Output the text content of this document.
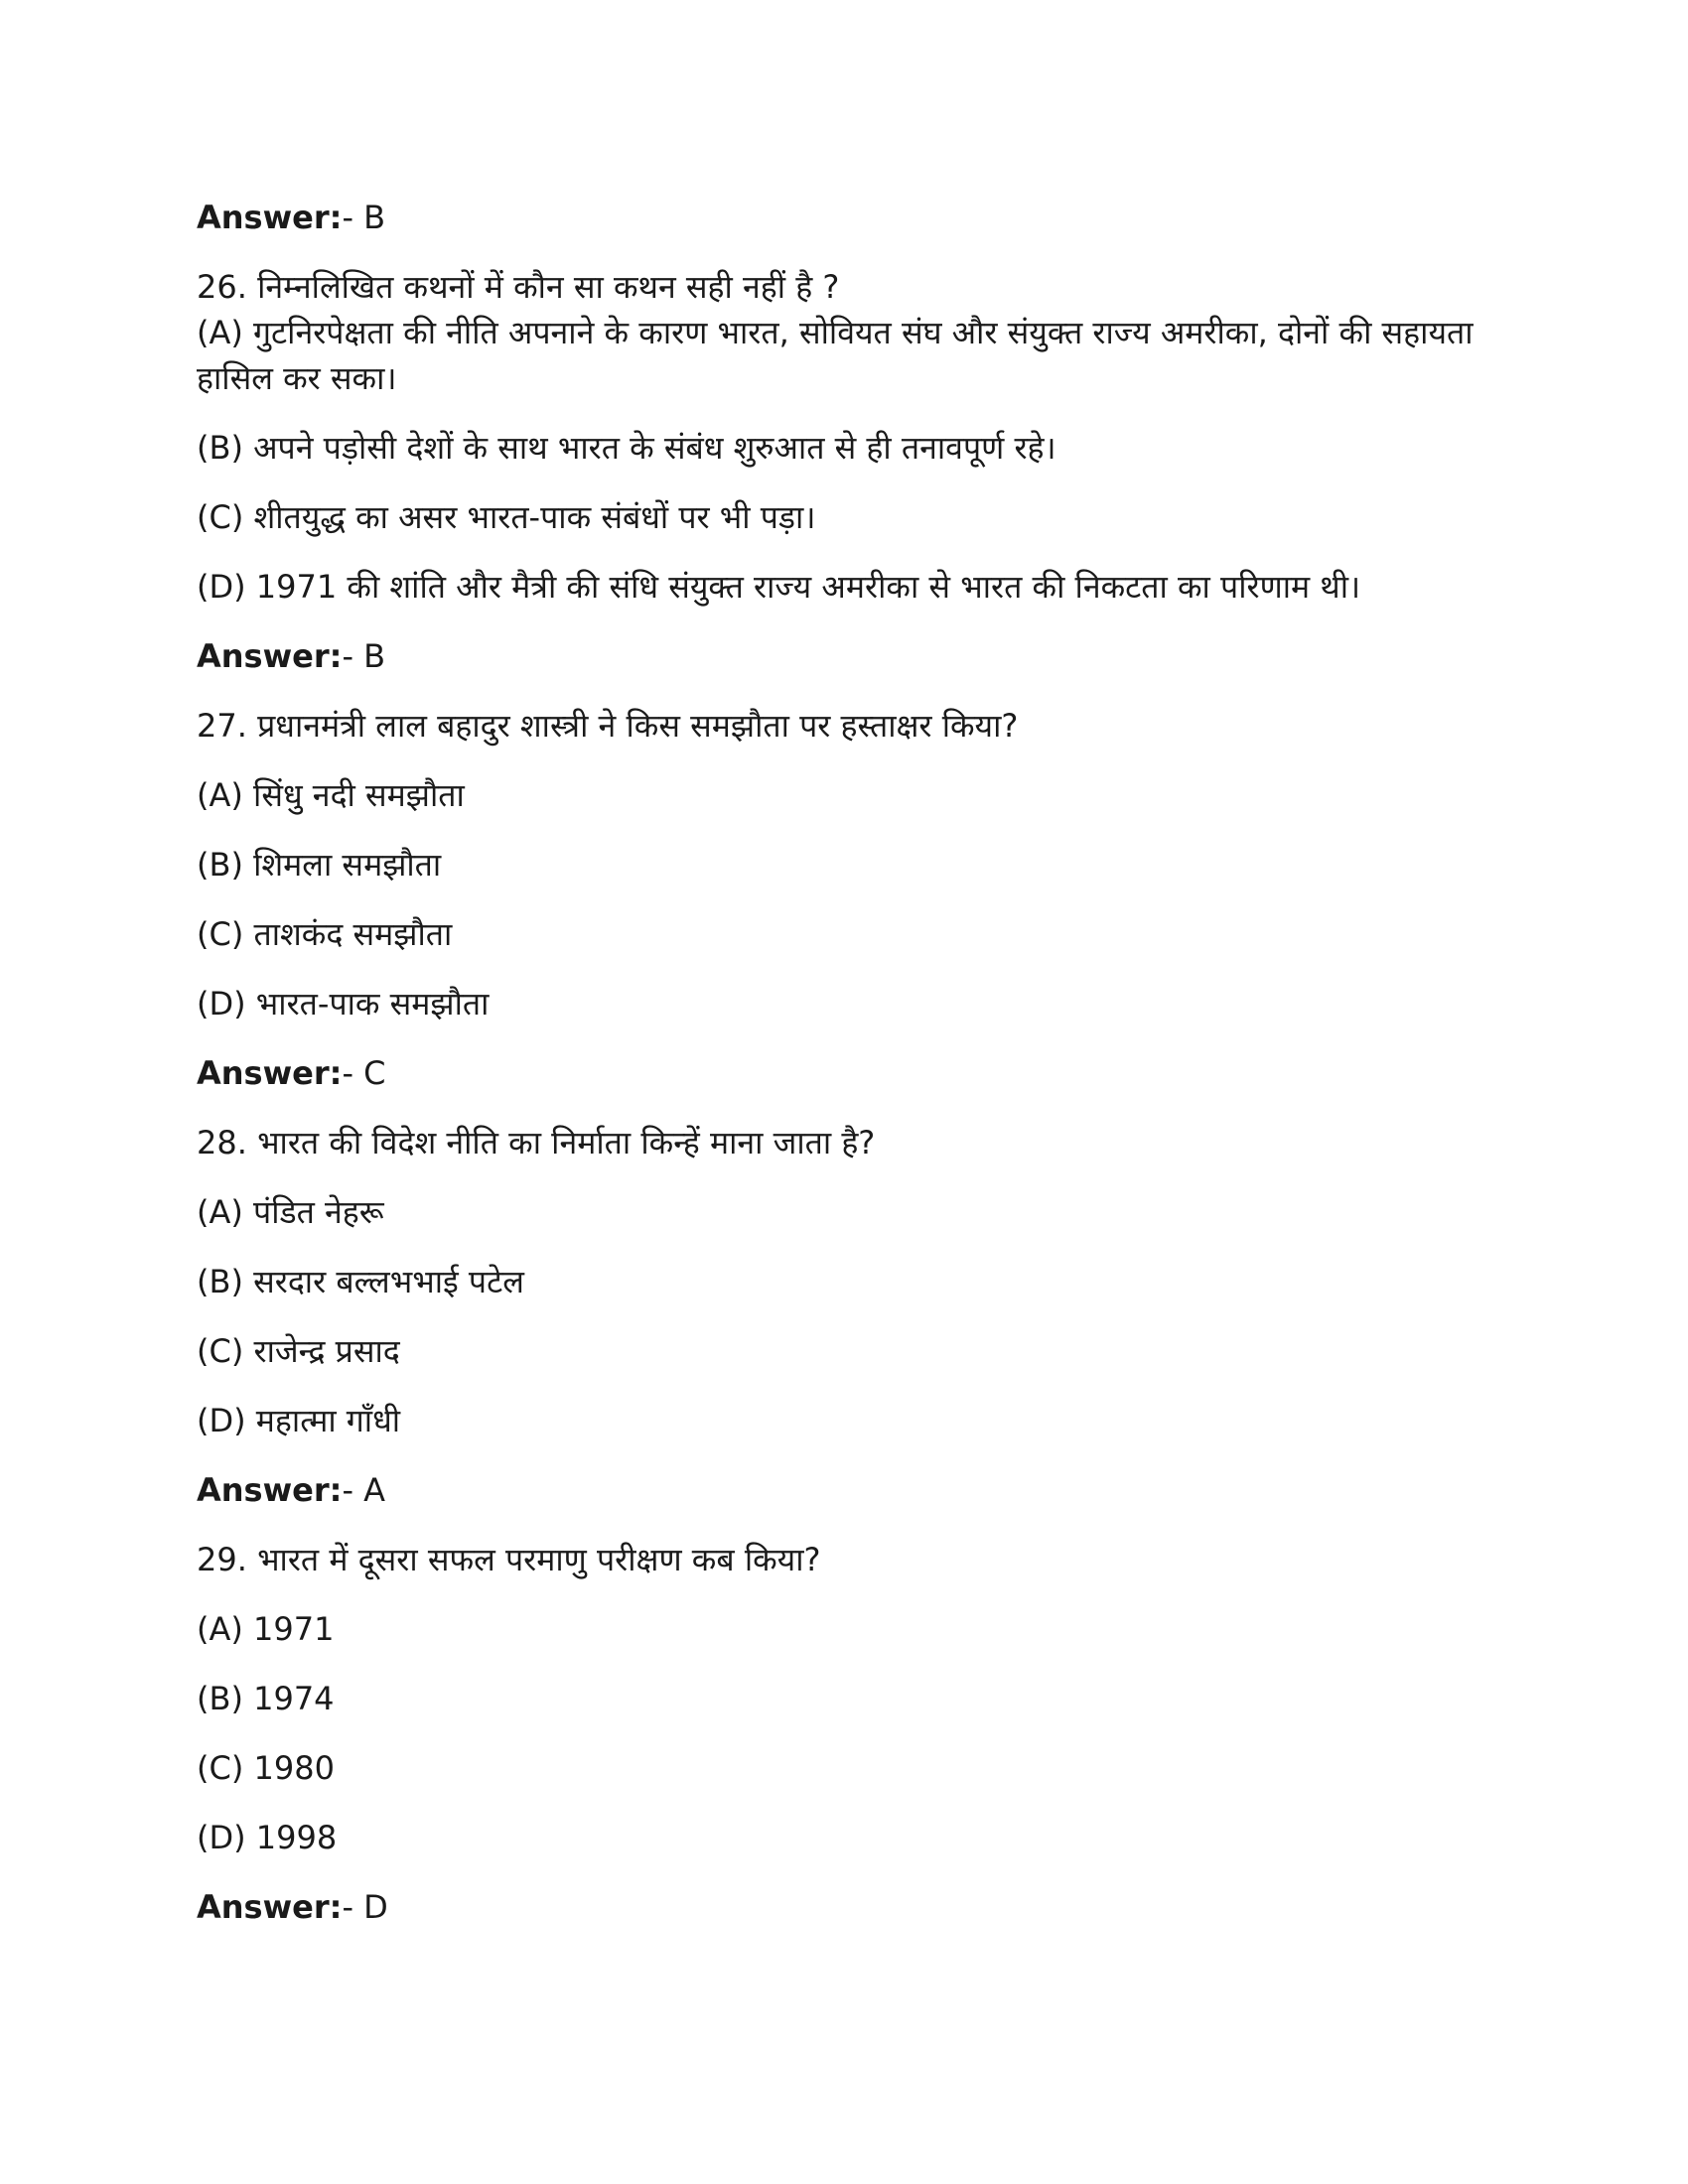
Answer:- B

26. निम्नलिखित कथनों में कौन सा कथन सही नहीं है ?

(A) गुटनिरपेक्षता की नीति अपनाने के कारण भारत, सोवियत संघ और संयुक्त राज्य अमरीका, दोनों की सहायता हासिल कर सका।

(B) अपने पड़ोसी देशों के साथ भारत के संबंध शुरुआत से ही तनावपूर्ण रहे।

(C) शीतयुद्ध का असर भारत-पाक संबंधों पर भी पड़ा।

(D) 1971 की शांति और मैत्री की संधि संयुक्त राज्य अमरीका से भारत की निकटता का परिणाम थी।

Answer:- B

27. प्रधानमंत्री लाल बहादुर शास्त्री ने किस समझौता पर हस्ताक्षर किया?

(A) सिंधु नदी समझौता

(B) शिमला समझौता

(C) ताशकंद समझौता

(D) भारत-पाक समझौता

Answer:- C

28. भारत की विदेश नीति का निर्माता किन्हें माना जाता है?

(A) पंडित नेहरू

(B) सरदार बल्लभभाई पटेल

(C) राजेन्द्र प्रसाद

(D) महात्मा गाँधी

Answer:- A

29. भारत में दूसरा सफल परमाणु परीक्षण कब किया?

(A) 1971

(B) 1974

(C) 1980

(D) 1998

Answer:- D
